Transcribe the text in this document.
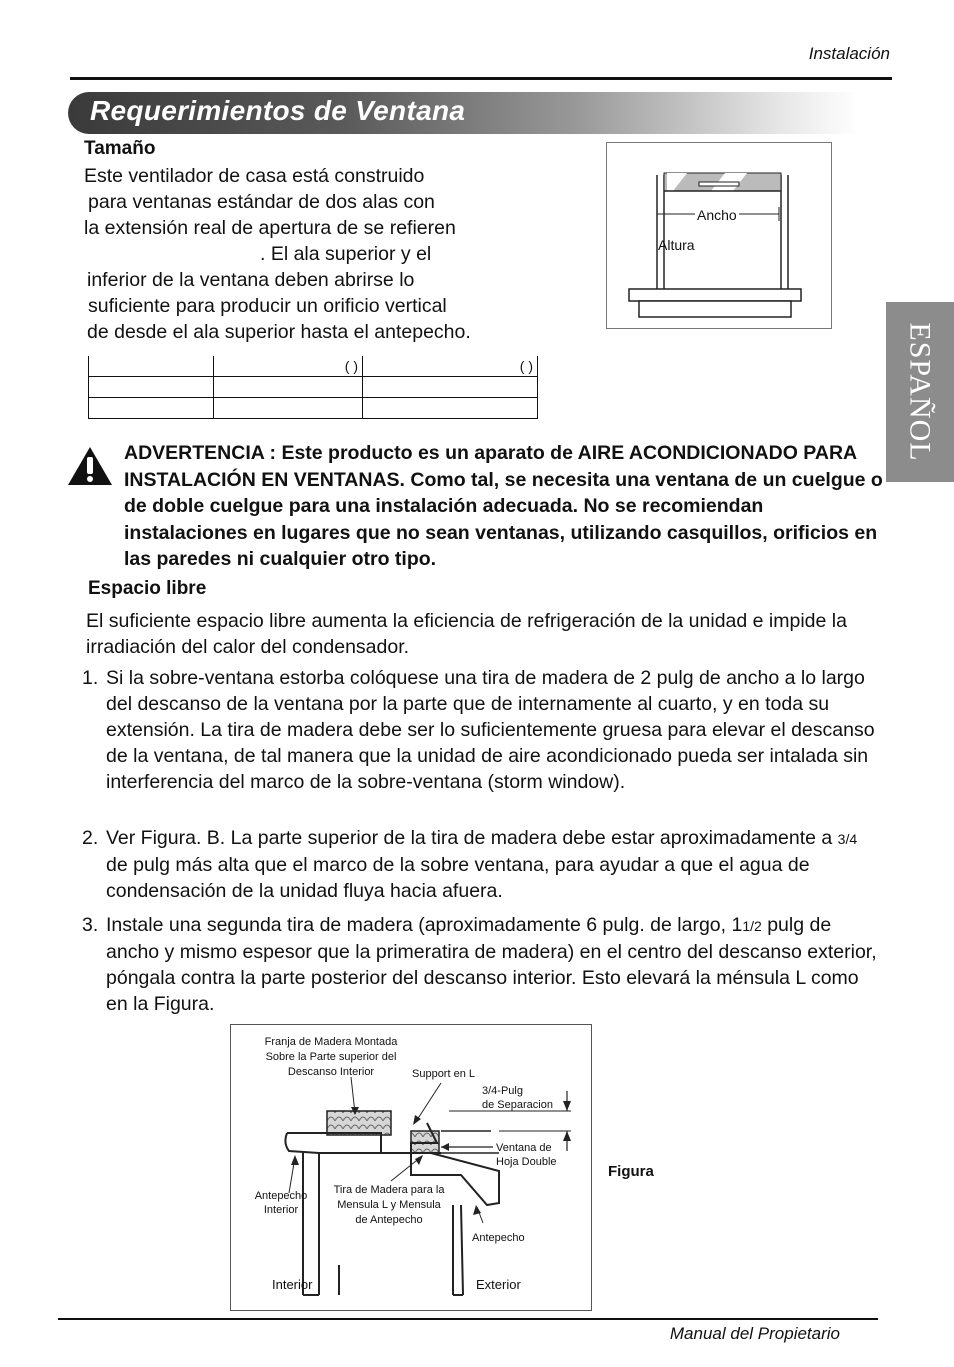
Instalación
Requerimientos de Ventana
ESPAÑOL
Tamaño
Este ventilador de casa está construido
para ventanas estándar de dos alas con
la extensión real de apertura de se refieren
. El ala superior y el
inferior de la ventana deben abrirse lo
suficiente para producir un orificio vertical
de desde el ala superior hasta el antepecho.
	( )	( )

Ancho
Altura
ADVERTENCIA : Este producto es un aparato de AIRE ACONDICIONADO PARA INSTALACIÓN EN VENTANAS. Como tal, se necesita una ventana de un cuelgue o de doble cuelgue para una instalación adecuada. No se recomiendan instalaciones en lugares que no sean ventanas, utilizando casquillos, orificios en las paredes ni cualquier otro tipo.
Espacio libre
El suficiente espacio libre aumenta la eficiencia de refrigeración de la unidad e impide la irradiación del calor del condensador.
1. Si la sobre-ventana estorba colóquese una tira de madera de 2 pulg de ancho a lo largo del descanso de la ventana por la parte que de internamente al cuarto, y en toda su extensión. La tira de madera debe ser lo suficientemente gruesa para elevar el descanso de la ventana, de tal manera que la unidad de aire acondicionado pueda ser intalada sin interferencia del marco de la sobre-ventana (storm window).
2. Ver Figura. B. La parte superior de la tira de madera debe estar aproximadamente a 3/4 de pulg más alta que el marco de la sobre ventana, para ayudar a que el agua de condensación de la unidad fluya hacia afuera.
3. Instale una segunda tira de madera (aproximadamente 6 pulg. de largo, 11/2 pulg de ancho y mismo espesor que la primeratira de madera) en el centro del descanso exterior, póngala contra la parte posterior del descanso interior. Esto elevará la ménsula L como en la Figura.
Franja de Madera Montada
Sobre la Parte superior del
Descanso Interior	Support en L
3/4-Pulg
de Separacion
Ventana de
Hoja Double
Antepecho
Interior
Tira de Madera para la
Mensula L y Mensula
de Antepecho
Antepecho
Interior	Exterior
Figura
Manual del Propietario
